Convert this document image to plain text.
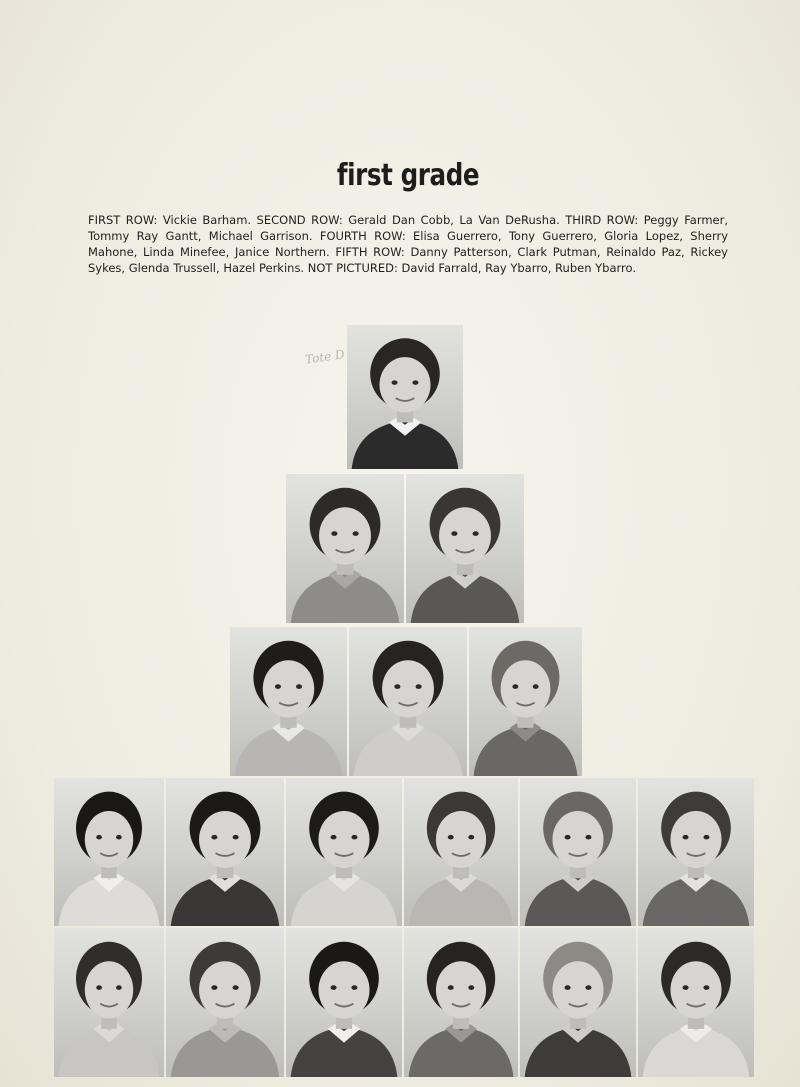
first grade
FIRST ROW: Vickie Barham. SECOND ROW: Gerald Dan Cobb, La Van DeRusha. THIRD ROW: Peggy Farmer, Tommy Ray Gantt, Michael Garrison. FOURTH ROW: Elisa Guerrero, Tony Guerrero, Gloria Lopez, Sherry Mahone, Linda Minefee, Janice Northern. FIFTH ROW: Danny Patterson, Clark Putman, Reinaldo Paz, Rickey Sykes, Glenda Trussell, Hazel Perkins. NOT PICTURED: David Farrald, Ray Ybarro, Ruben Ybarro.
Tote D
